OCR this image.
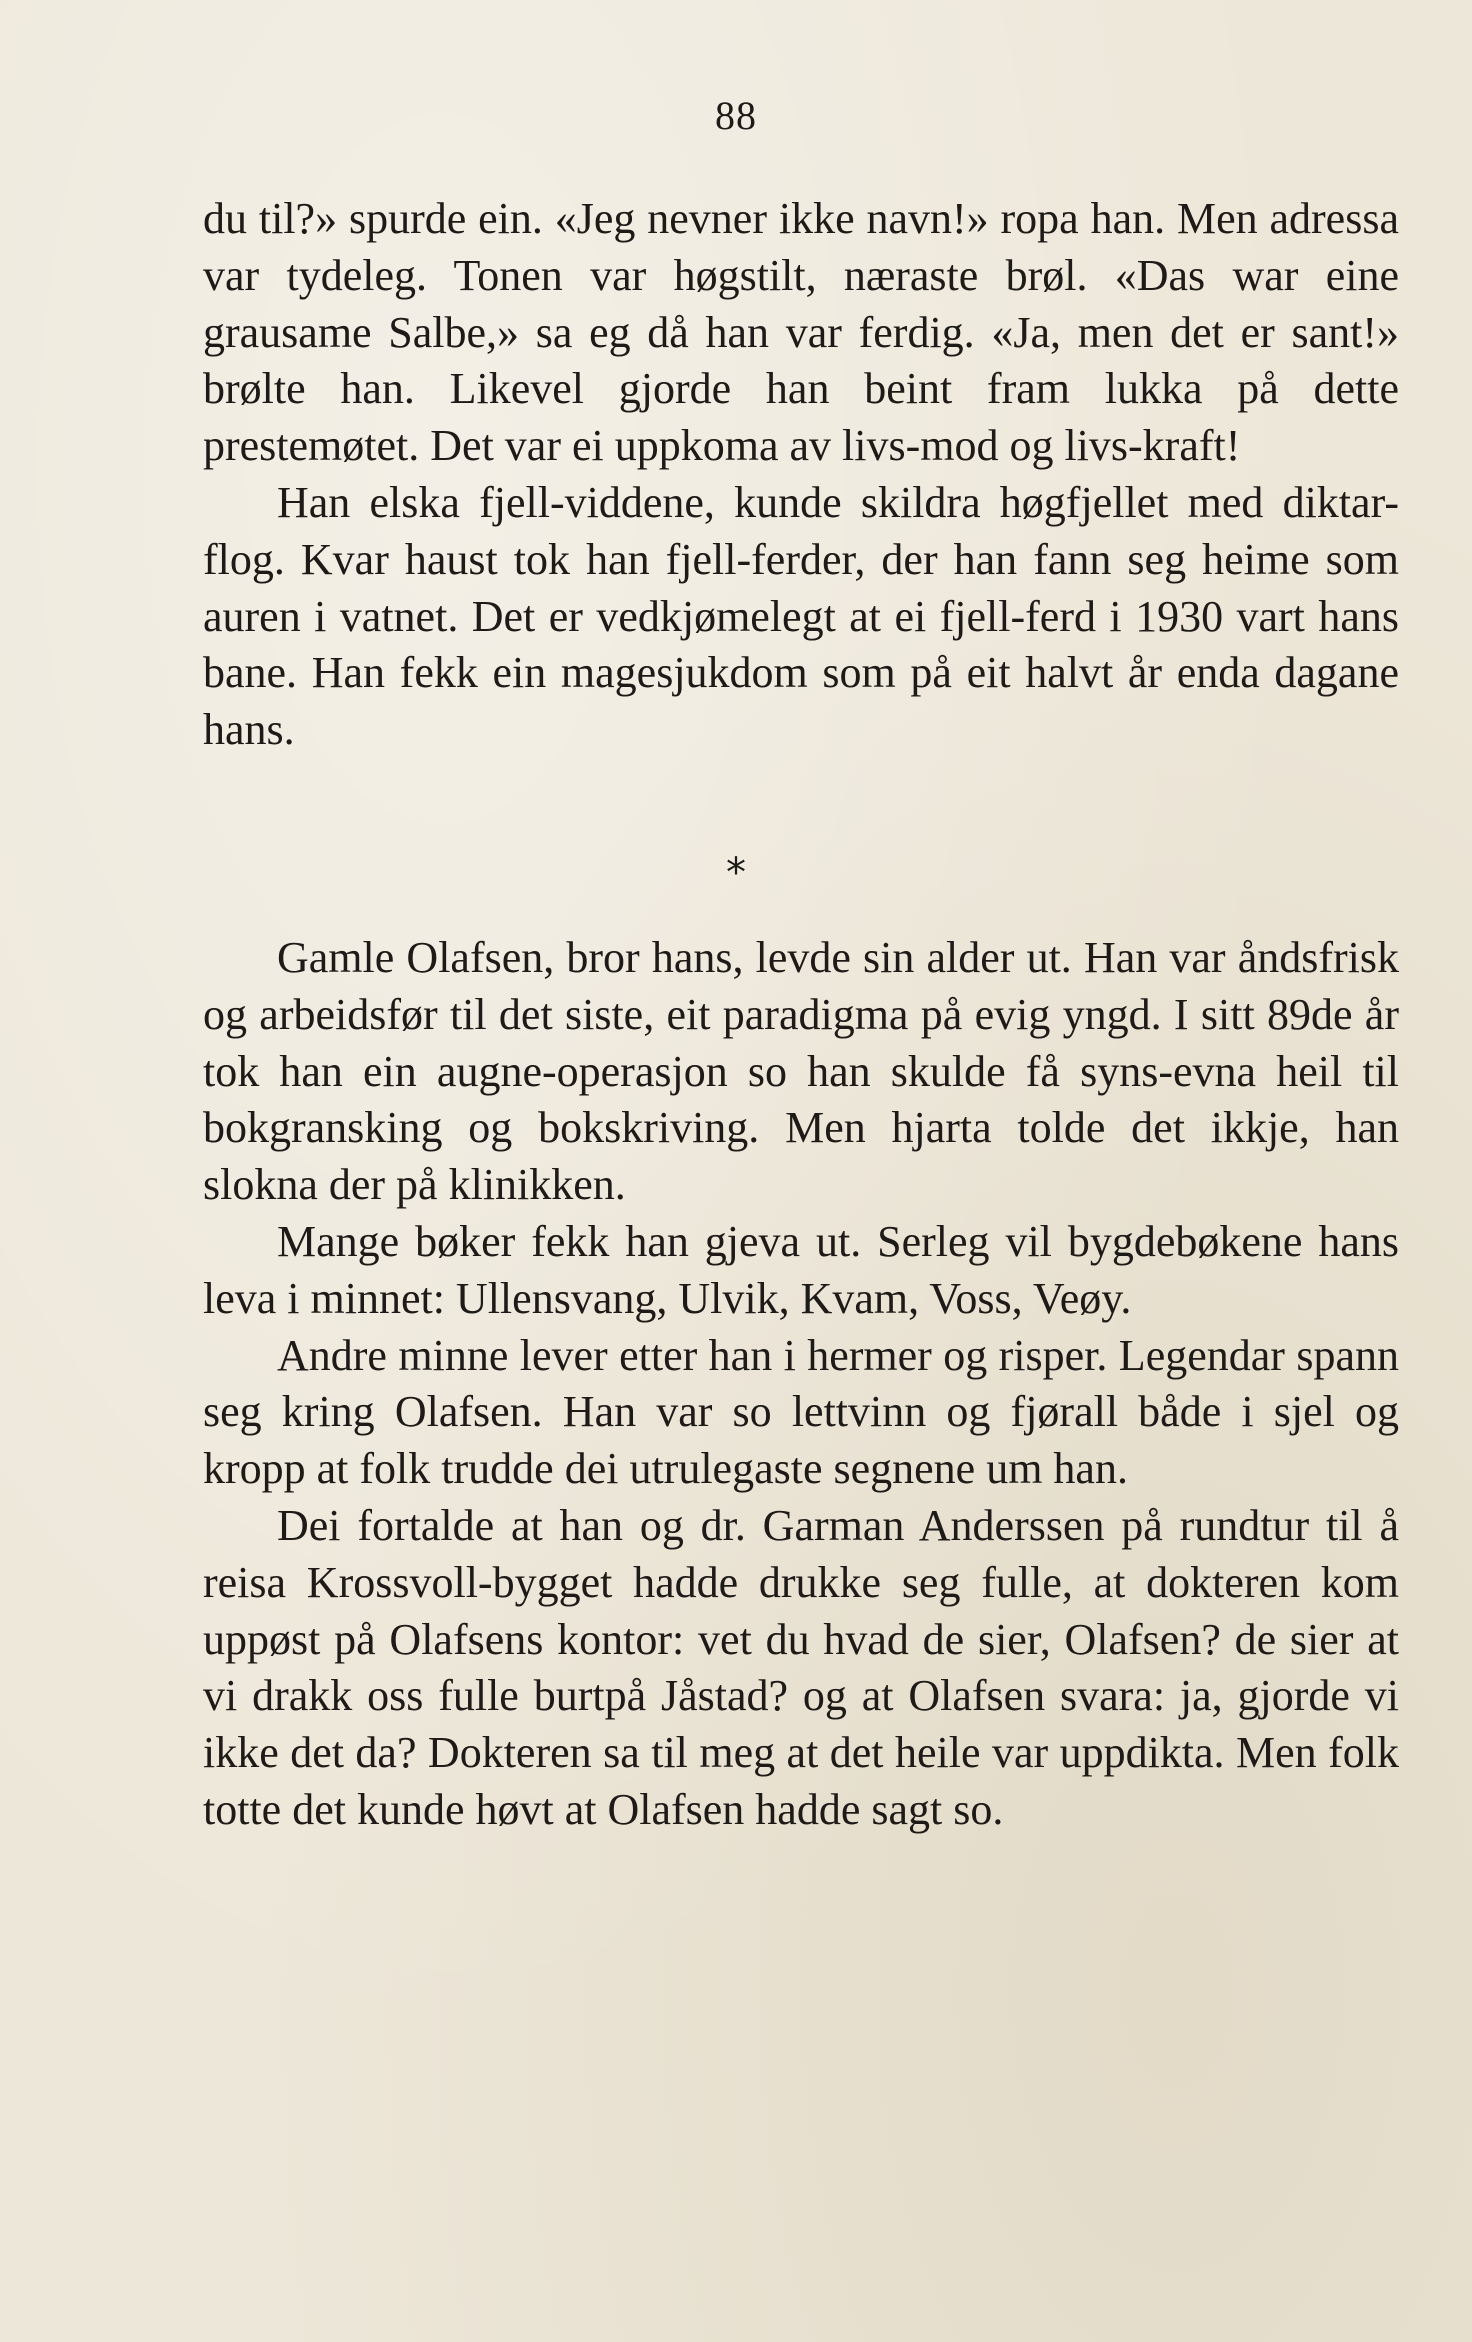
88

du til?» spurde ein. «Jeg nevner ikke navn!» ropa han. Men adressa var tydeleg. Tonen var høgstilt, næraste brøl. «Das war eine grausame Salbe,» sa eg då han var ferdig. «Ja, men det er sant!» brølte han. Likevel gjorde han beint fram lukka på dette prestemøtet. Det var ei uppkoma av livs-mod og livs-kraft!

Han elska fjell-viddene, kunde skildra høgfjellet med diktar-flog. Kvar haust tok han fjell-ferder, der han fann seg heime som auren i vatnet. Det er vedkjømelegt at ei fjell-ferd i 1930 vart hans bane. Han fekk ein magesjukdom som på eit halvt år enda dagane hans.

*

Gamle Olafsen, bror hans, levde sin alder ut. Han var åndsfrisk og arbeidsfør til det siste, eit paradigma på evig yngd. I sitt 89de år tok han ein augne-operasjon so han skulde få syns-evna heil til bokgransking og bokskriving. Men hjarta tolde det ikkje, han slokna der på klinikken.

Mange bøker fekk han gjeva ut. Serleg vil bygdebøkene hans leva i minnet: Ullensvang, Ulvik, Kvam, Voss, Veøy.

Andre minne lever etter han i hermer og risper. Legendar spann seg kring Olafsen. Han var so lettvinn og fjørall både i sjel og kropp at folk trudde dei utrulegaste segnene um han.

Dei fortalde at han og dr. Garman Anderssen på rundtur til å reisa Krossvoll-bygget hadde drukke seg fulle, at dokteren kom uppøst på Olafsens kontor: vet du hvad de sier, Olafsen? de sier at vi drakk oss fulle burtpå Jåstad? og at Olafsen svara: ja, gjorde vi ikke det da? Dokteren sa til meg at det heile var uppdikta. Men folk totte det kunde høvt at Olafsen hadde sagt so.
